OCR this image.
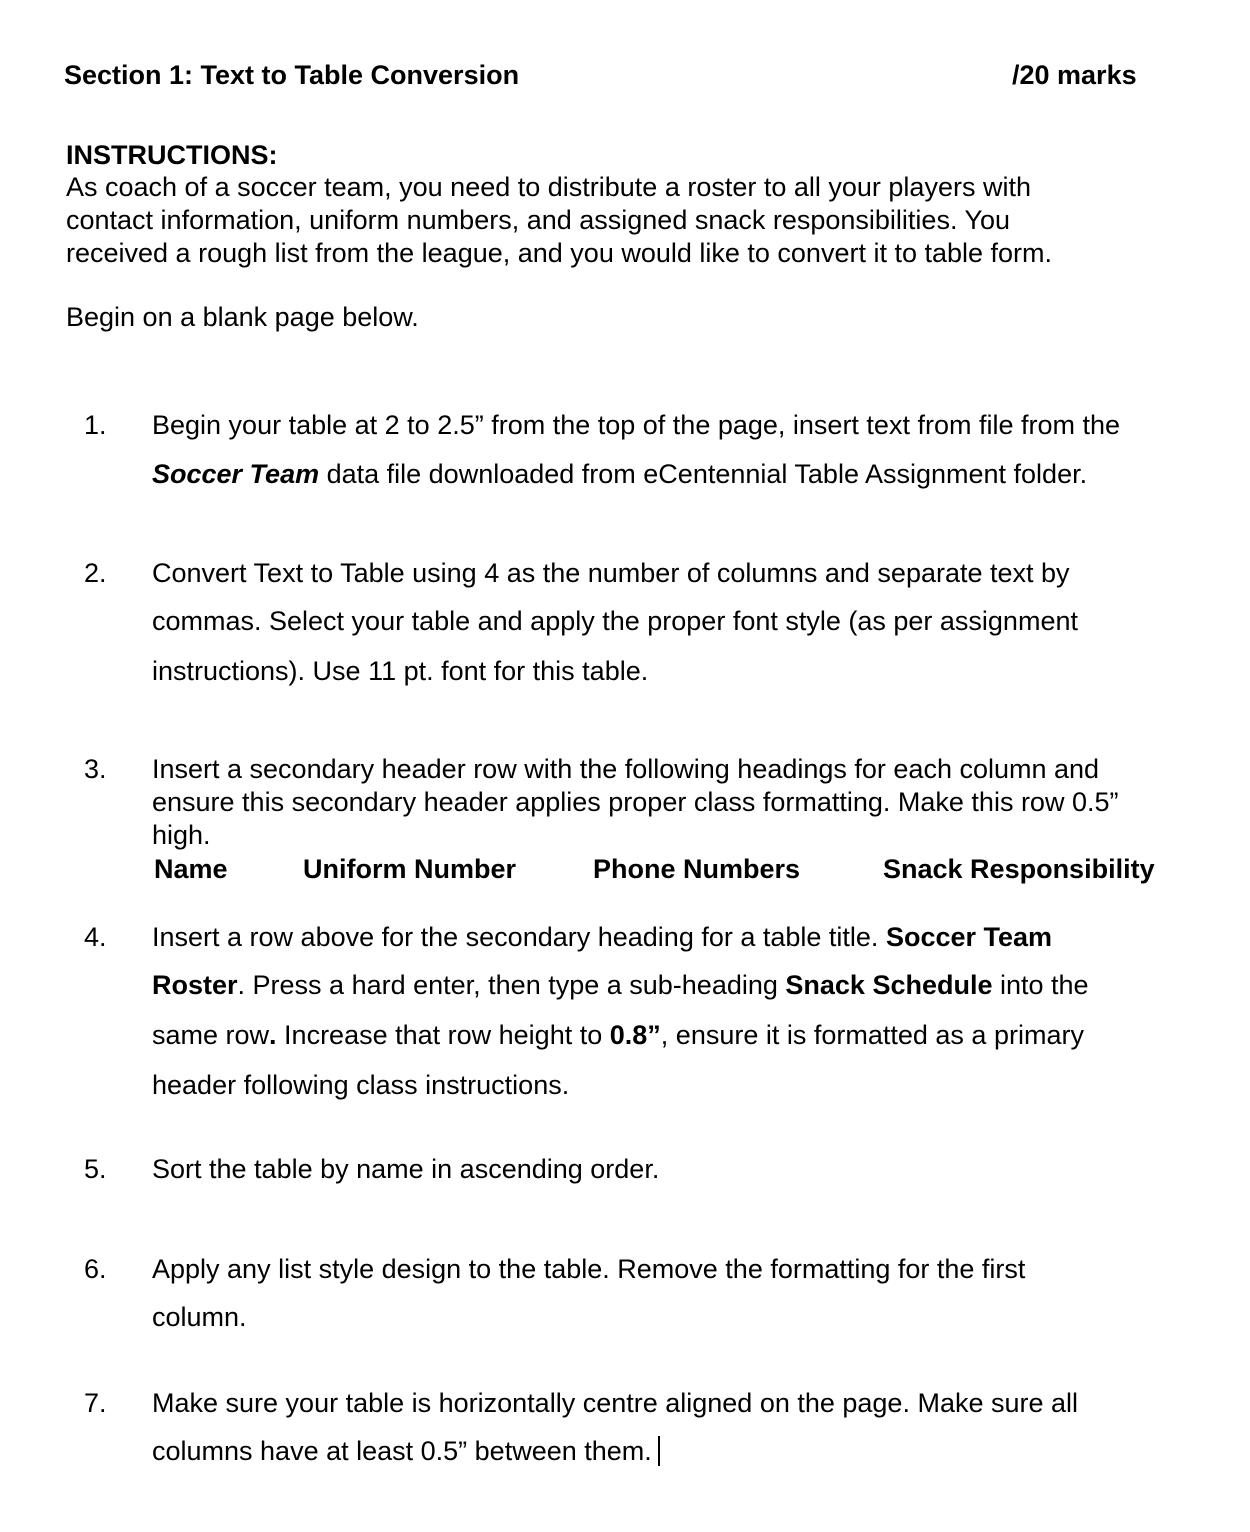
Section 1: Text to Table Conversion	/20 marks
INSTRUCTIONS:
As coach of a soccer team, you need to distribute a roster to all your players with
contact information, uniform numbers, and assigned snack responsibilities. You
received a rough list from the league, and you would like to convert it to table form.
Begin on a blank page below.
1. Begin your table at 2 to 2.5” from the top of the page, insert text from file from the
Soccer Team data file downloaded from eCentennial Table Assignment folder.
2. Convert Text to Table using 4 as the number of columns and separate text by
commas. Select your table and apply the proper font style (as per assignment
instructions). Use 11 pt. font for this table.
3. Insert a secondary header row with the following headings for each column and
ensure this secondary header applies proper class formatting. Make this row 0.5”
high.
Name	Uniform Number	Phone Numbers	Snack Responsibility
4. Insert a row above for the secondary heading for a table title. Soccer Team
Roster. Press a hard enter, then type a sub-heading Snack Schedule into the
same row. Increase that row height to 0.8”, ensure it is formatted as a primary
header following class instructions.
5. Sort the table by name in ascending order.
6. Apply any list style design to the table. Remove the formatting for the first
column.
7. Make sure your table is horizontally centre aligned on the page. Make sure all
columns have at least 0.5” between them.
